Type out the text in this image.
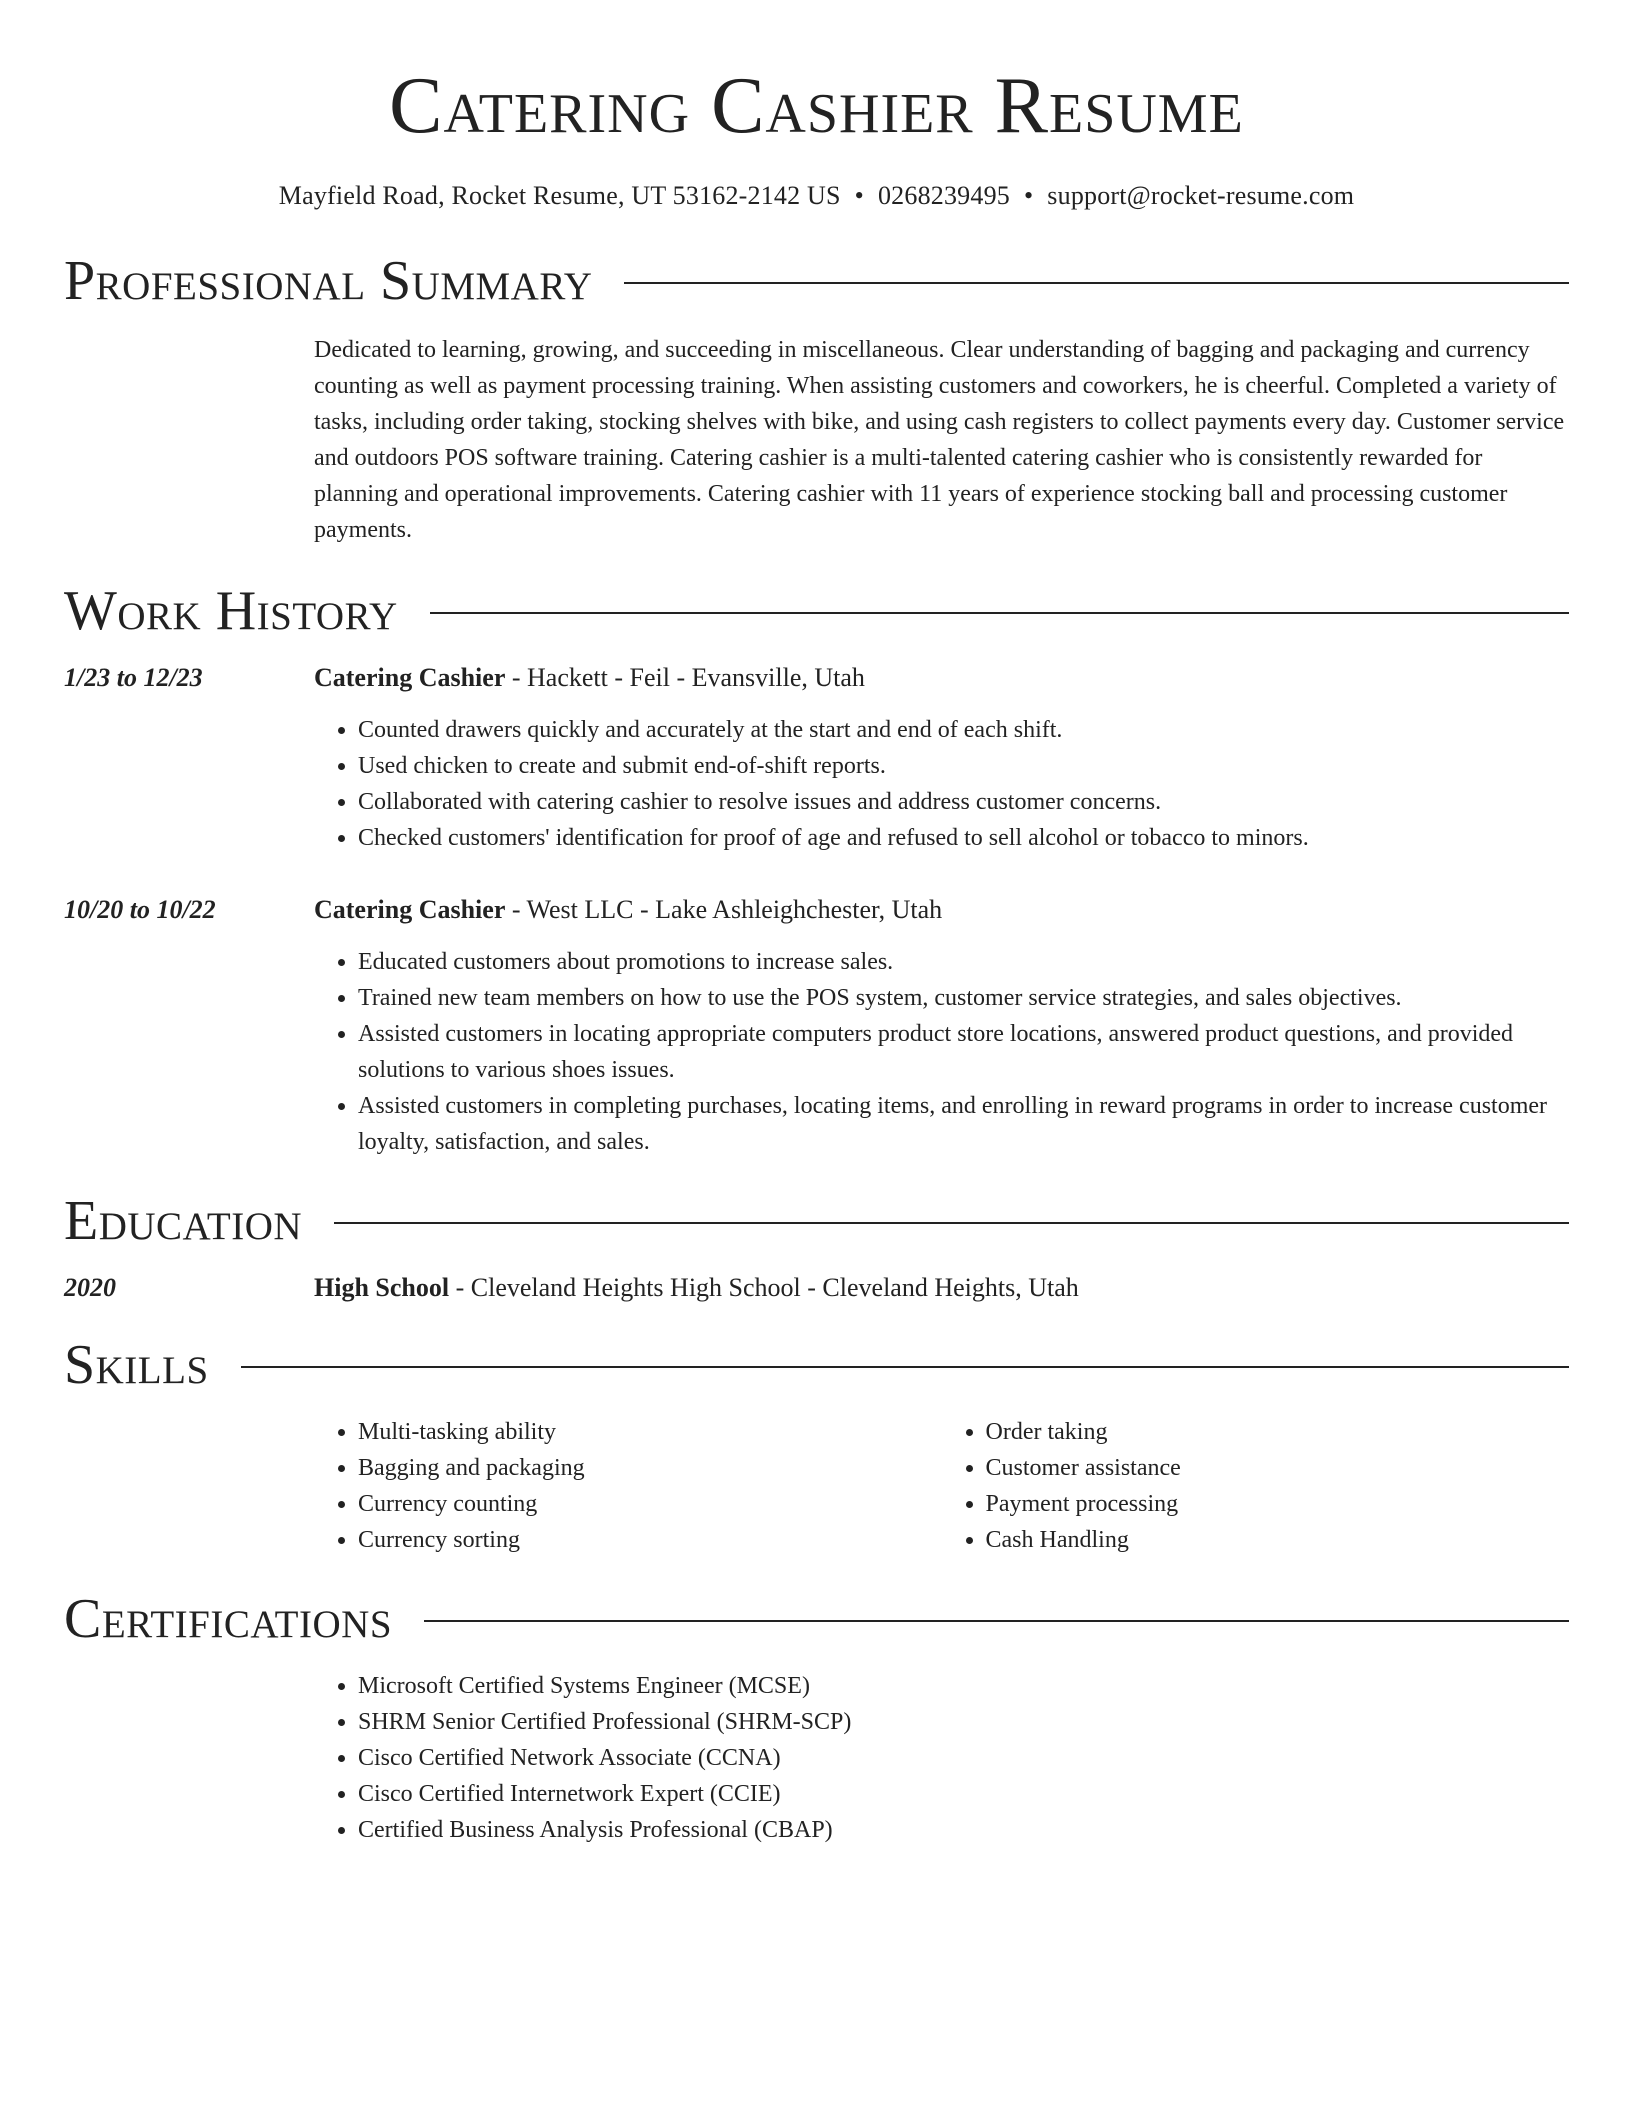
Catering Cashier Resume
Mayfield Road, Rocket Resume, UT 53162-2142 US • 0268239495 • support@rocket-resume.com
Professional Summary

Dedicated to learning, growing, and succeeding in miscellaneous. Clear understanding of bagging and packaging and currency counting as well as payment processing training. When assisting customers and coworkers, he is cheerful. Completed a variety of tasks, including order taking, stocking shelves with bike, and using cash registers to collect payments every day. Customer service and outdoors POS software training. Catering cashier is a multi-talented catering cashier who is consistently rewarded for planning and operational improvements. Catering cashier with 11 years of experience stocking ball and processing customer payments.

Work History
1/23 to 12/23	Catering Cashier - Hackett - Feil - Evansville, Utah
• Counted drawers quickly and accurately at the start and end of each shift.
• Used chicken to create and submit end-of-shift reports.
• Collaborated with catering cashier to resolve issues and address customer concerns.
• Checked customers' identification for proof of age and refused to sell alcohol or tobacco to minors.
10/20 to 10/22	Catering Cashier - West LLC - Lake Ashleighchester, Utah
• Educated customers about promotions to increase sales.
• Trained new team members on how to use the POS system, customer service strategies, and sales objectives.
• Assisted customers in locating appropriate computers product store locations, answered product questions, and provided solutions to various shoes issues.
• Assisted customers in completing purchases, locating items, and enrolling in reward programs in order to increase customer loyalty, satisfaction, and sales.
Education
2020	High School - Cleveland Heights High School - Cleveland Heights, Utah
Skills
• Multi-tasking ability
• Bagging and packaging
• Currency counting
• Currency sorting
• Order taking
• Customer assistance
• Payment processing
• Cash Handling
Certifications
• Microsoft Certified Systems Engineer (MCSE)
• SHRM Senior Certified Professional (SHRM-SCP)
• Cisco Certified Network Associate (CCNA)
• Cisco Certified Internetwork Expert (CCIE)
• Certified Business Analysis Professional (CBAP)
